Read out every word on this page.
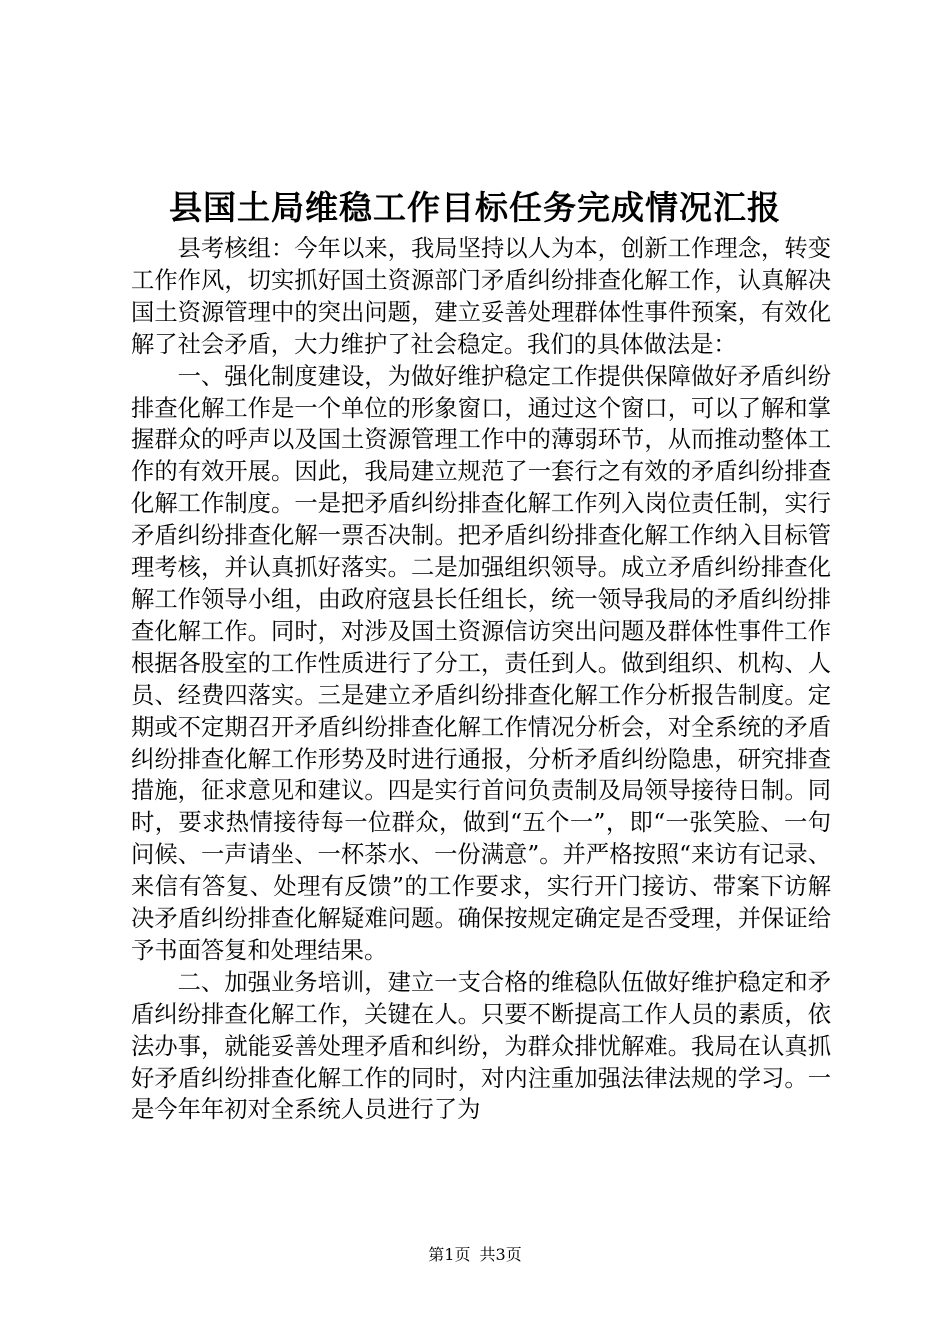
县国土局维稳工作目标任务完成情况汇报

县考核组：今年以来，我局坚持以人为本，创新工作理念，转变工作作风，切实抓好国土资源部门矛盾纠纷排查化解工作，认真解决国土资源管理中的突出问题，建立妥善处理群体性事件预案，有效化解了社会矛盾，大力维护了社会稳定。我们的具体做法是：

一、强化制度建设，为做好维护稳定工作提供保障做好矛盾纠纷排查化解工作是一个单位的形象窗口，通过这个窗口，可以了解和掌握群众的呼声以及国土资源管理工作中的薄弱环节，从而推动整体工作的有效开展。因此，我局建立规范了一套行之有效的矛盾纠纷排查化解工作制度。一是把矛盾纠纷排查化解工作列入岗位责任制，实行矛盾纠纷排查化解一票否决制。把矛盾纠纷排查化解工作纳入目标管理考核，并认真抓好落实。二是加强组织领导。成立矛盾纠纷排查化解工作领导小组，由政府寇县长任组长，统一领导我局的矛盾纠纷排查化解工作。同时，对涉及国土资源信访突出问题及群体性事件工作根据各股室的工作性质进行了分工，责任到人。做到组织、机构、人员、经费四落实。三是建立矛盾纠纷排查化解工作分析报告制度。定期或不定期召开矛盾纠纷排查化解工作情况分析会，对全系统的矛盾纠纷排查化解工作形势及时进行通报，分析矛盾纠纷隐患，研究排查措施，征求意见和建议。四是实行首问负责制及局领导接待日制。同时，要求热情接待每一位群众，做到“五个一”，即“一张笑脸、一句问候、一声请坐、一杯茶水、一份满意”。并严格按照“来访有记录、来信有答复、处理有反馈”的工作要求，实行开门接访、带案下访解决矛盾纠纷排查化解疑难问题。确保按规定确定是否受理，并保证给予书面答复和处理结果。

二、加强业务培训，建立一支合格的维稳队伍做好维护稳定和矛盾纠纷排查化解工作，关键在人。只要不断提高工作人员的素质，依法办事，就能妥善处理矛盾和纠纷，为群众排忧解难。我局在认真抓好矛盾纠纷排查化解工作的同时，对内注重加强法律法规的学习。一是今年年初对全系统人员进行了为

第1页 共3页
